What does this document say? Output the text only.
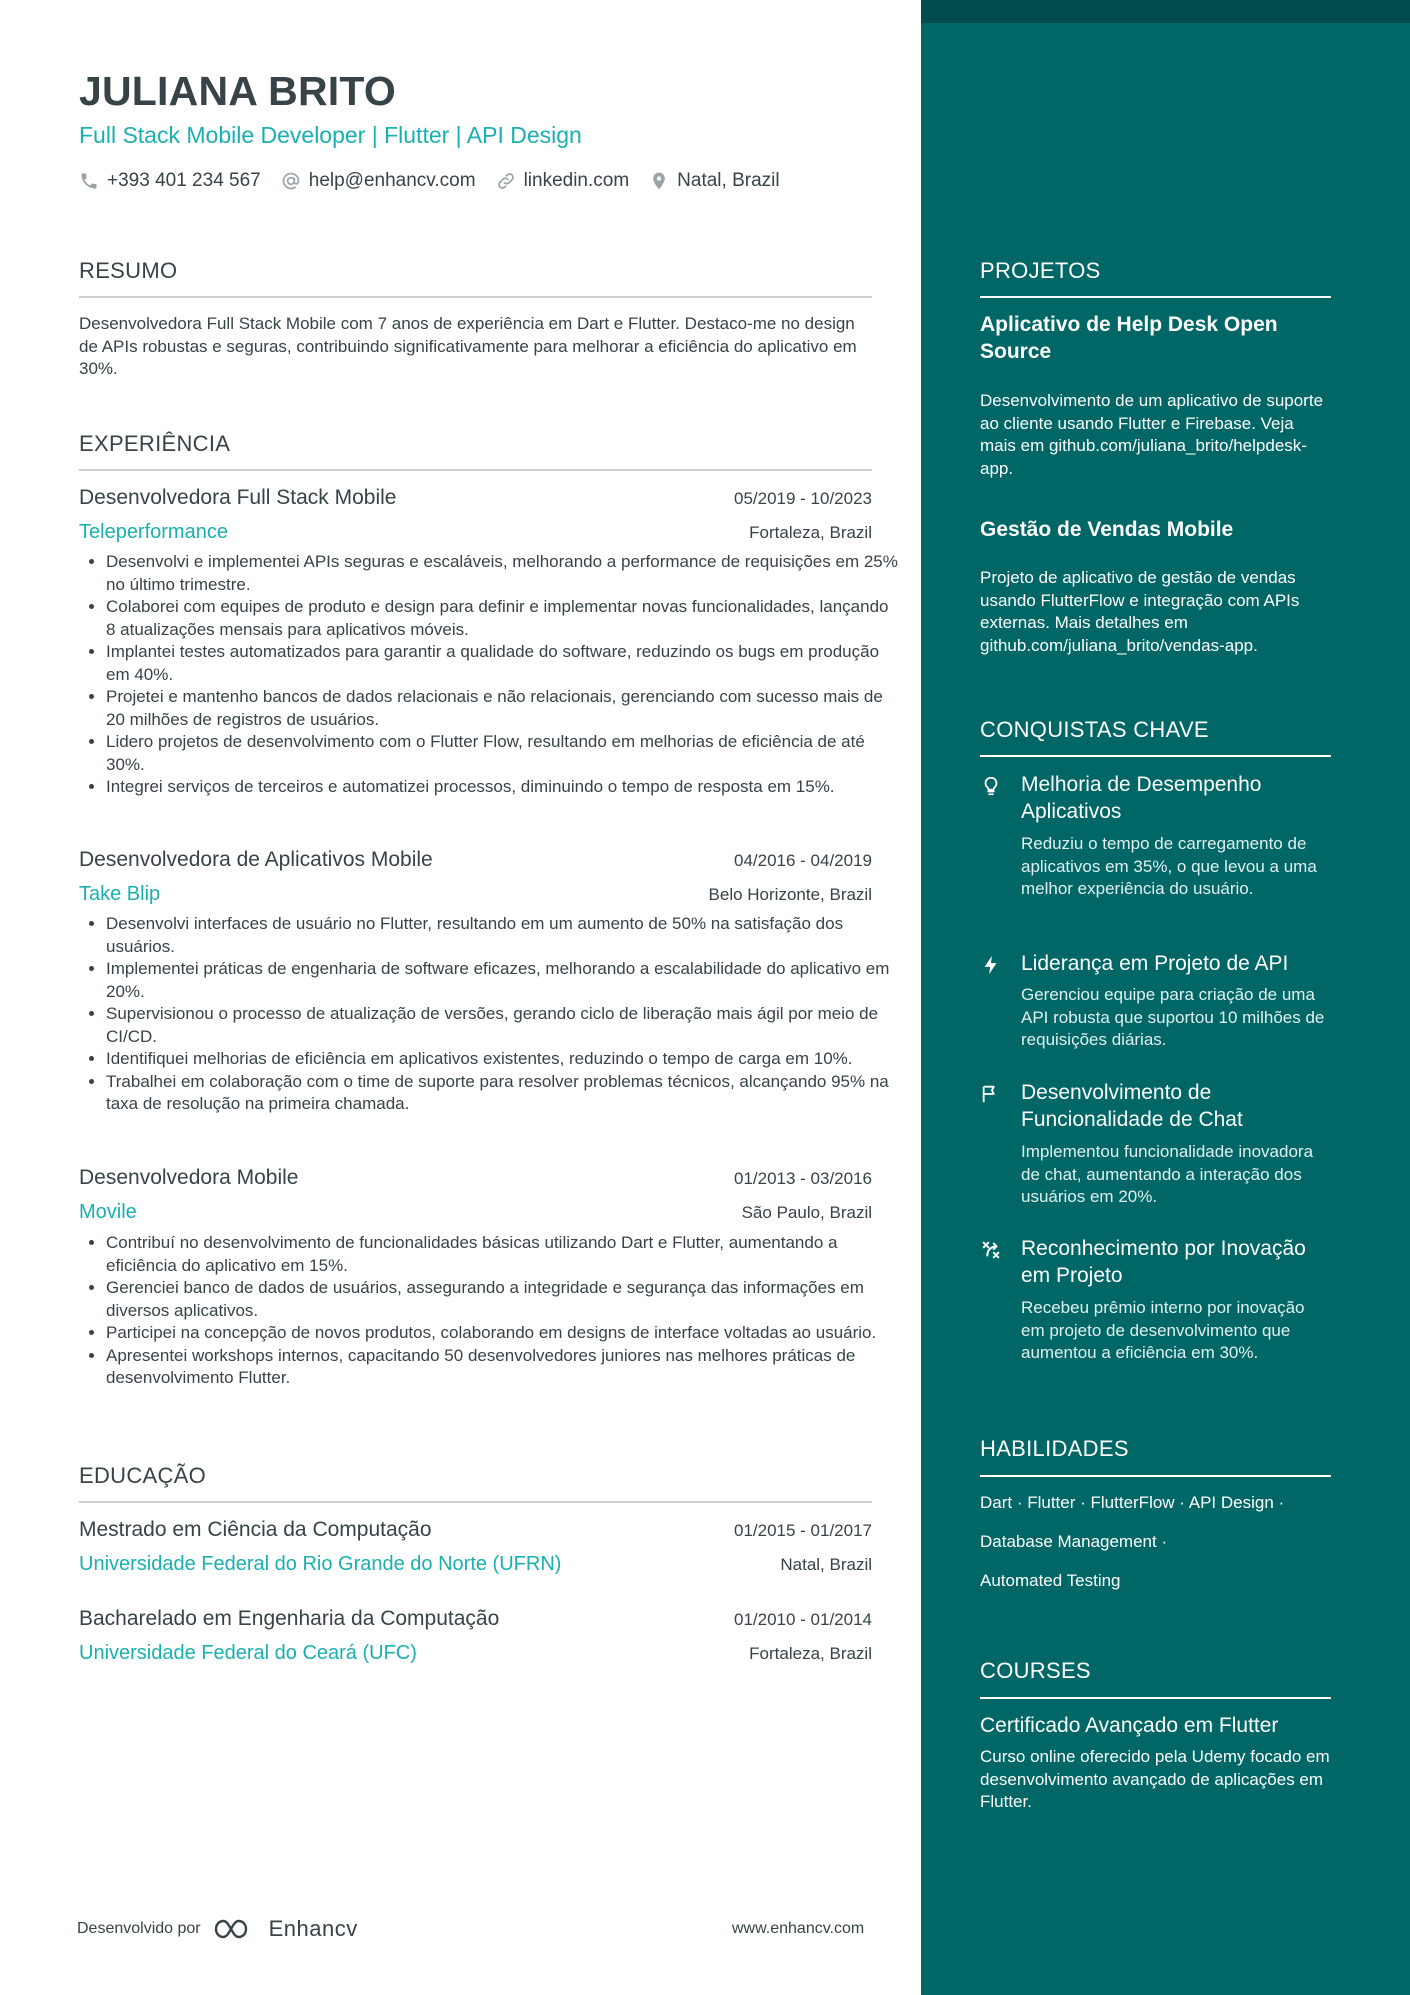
JULIANA BRITO

Full Stack Mobile Developer | Flutter | API Design

+393 401 234 567	help@enhancv.com	linkedin.com	Natal, Brazil
RESUMO

Desenvolvedora Full Stack Mobile com 7 anos de experiência em Dart e Flutter. Destaco-me no design de APIs robustas e seguras, contribuindo significativamente para melhorar a eficiência do aplicativo em 30%.

EXPERIÊNCIA
Desenvolvedora Full Stack Mobile	05/2019 - 10/2023
Teleperformance	Fortaleza, Brazil
• Desenvolvi e implementei APIs seguras e escaláveis, melhorando a performance de requisições em 25% no último trimestre.
• Colaborei com equipes de produto e design para definir e implementar novas funcionalidades, lançando 8 atualizações mensais para aplicativos móveis.
• Implantei testes automatizados para garantir a qualidade do software, reduzindo os bugs em produção em 40%.
• Projetei e mantenho bancos de dados relacionais e não relacionais, gerenciando com sucesso mais de 20 milhões de registros de usuários.
• Lidero projetos de desenvolvimento com o Flutter Flow, resultando em melhorias de eficiência de até 30%.
• Integrei serviços de terceiros e automatizei processos, diminuindo o tempo de resposta em 15%.
Desenvolvedora de Aplicativos Mobile	04/2016 - 04/2019
Take Blip	Belo Horizonte, Brazil
• Desenvolvi interfaces de usuário no Flutter, resultando em um aumento de 50% na satisfação dos usuários.
• Implementei práticas de engenharia de software eficazes, melhorando a escalabilidade do aplicativo em 20%.
• Supervisionou o processo de atualização de versões, gerando ciclo de liberação mais ágil por meio de CI/CD.
• Identifiquei melhorias de eficiência em aplicativos existentes, reduzindo o tempo de carga em 10%.
• Trabalhei em colaboração com o time de suporte para resolver problemas técnicos, alcançando 95% na taxa de resolução na primeira chamada.
Desenvolvedora Mobile	01/2013 - 03/2016
Movile	São Paulo, Brazil
• Contribuí no desenvolvimento de funcionalidades básicas utilizando Dart e Flutter, aumentando a eficiência do aplicativo em 15%.
• Gerenciei banco de dados de usuários, assegurando a integridade e segurança das informações em diversos aplicativos.
• Participei na concepção de novos produtos, colaborando em designs de interface voltadas ao usuário.
• Apresentei workshops internos, capacitando 50 desenvolvedores juniores nas melhores práticas de desenvolvimento Flutter.
EDUCAÇÃO
Mestrado em Ciência da Computação	01/2015 - 01/2017
Universidade Federal do Rio Grande do Norte (UFRN)	Natal, Brazil
Bacharelado em Engenharia da Computação	01/2010 - 01/2014
Universidade Federal do Ceará (UFC)	Fortaleza, Brazil
PROJETOS

Aplicativo de Help Desk Open Source

Desenvolvimento de um aplicativo de suporte ao cliente usando Flutter e Firebase. Veja mais em github.com/juliana_brito/helpdesk-app.

Gestão de Vendas Mobile

Projeto de aplicativo de gestão de vendas usando FlutterFlow e integração com APIs externas. Mais detalhes em github.com/juliana_brito/vendas-app.

CONQUISTAS CHAVE

Melhoria de Desempenho Aplicativos

Reduziu o tempo de carregamento de aplicativos em 35%, o que levou a uma melhor experiência do usuário.

Liderança em Projeto de API

Gerenciou equipe para criação de uma API robusta que suportou 10 milhões de requisições diárias.

Desenvolvimento de Funcionalidade de Chat

Implementou funcionalidade inovadora de chat, aumentando a interação dos usuários em 20%.

Reconhecimento por Inovação em Projeto

Recebeu prêmio interno por inovação em projeto de desenvolvimento que aumentou a eficiência em 30%.

HABILIDADES

Dart · Flutter · FlutterFlow · API Design ·

Database Management ·

Automated Testing

COURSES

Certificado Avançado em Flutter

Curso online oferecido pela Udemy focado em desenvolvimento avançado de aplicações em Flutter.

Desenvolvido por	Enhancv	www.enhancv.com
